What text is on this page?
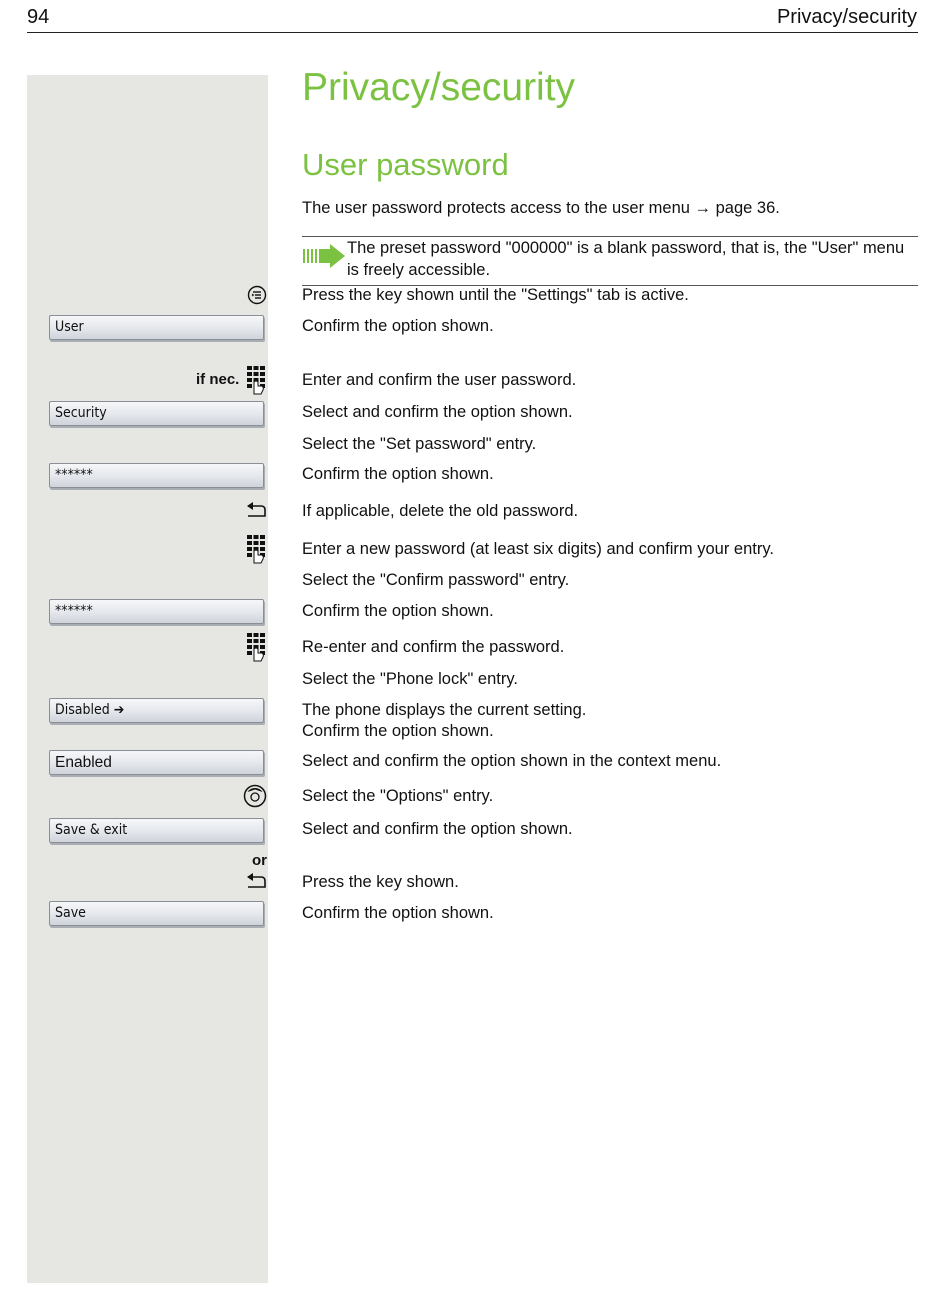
94	Privacy/security
Privacy/security
User password
The user password protects access to the user menu → page 36.
The preset password "000000" is a blank password, that is, the "User" menu is freely accessible.
Press the key shown until the "Settings" tab is active.
User	Confirm the option shown.
if nec.	Enter and confirm the user password.
Security	Select and confirm the option shown.
Select the "Set password" entry.
******	Confirm the option shown.
If applicable, delete the old password.
Enter a new password (at least six digits) and confirm your entry.
Select the "Confirm password" entry.
******	Confirm the option shown.
Re-enter and confirm the password.
Select the "Phone lock" entry.
Disabled ➔	The phone displays the current setting.
Confirm the option shown.
Enabled	Select and confirm the option shown in the context menu.
Select the "Options" entry.
Save & exit	Select and confirm the option shown.
or
Press the key shown.
Save	Confirm the option shown.
